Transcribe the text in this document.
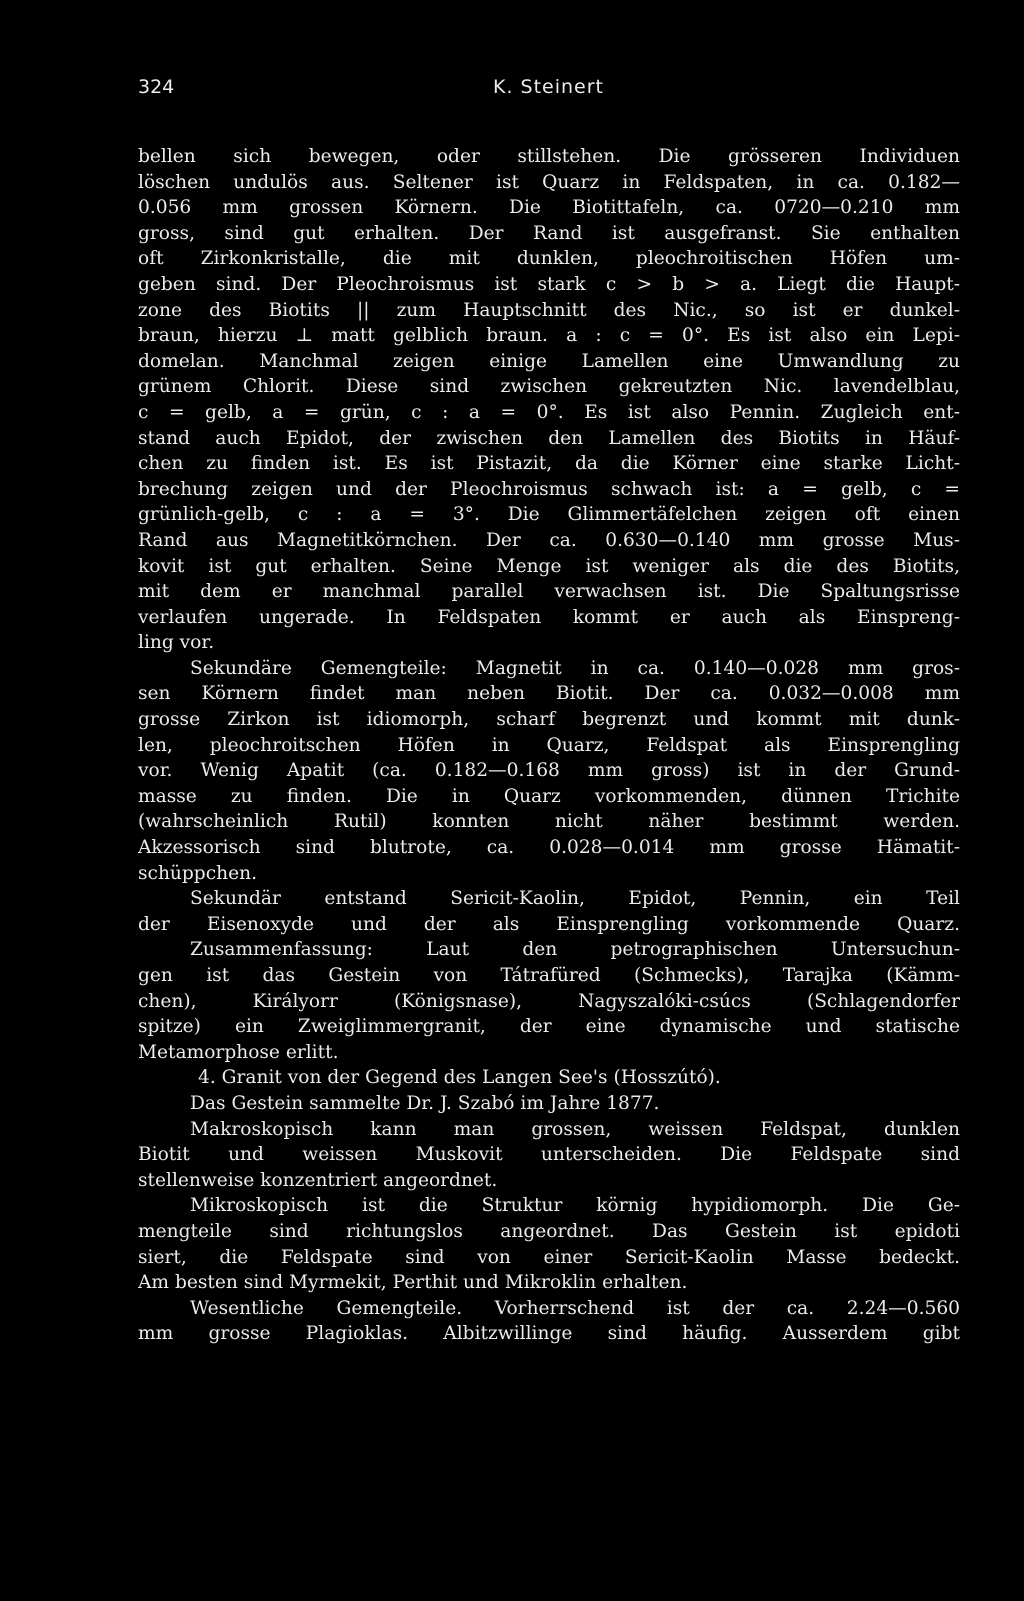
324	K. Steinert
bellen sich bewegen, oder stillstehen. Die grösseren Individuen
löschen undulös aus. Seltener ist Quarz in Feldspaten, in ca. 0.182—
0.056 mm grossen Körnern. Die Biotittafeln, ca. 0720—0.210 mm
gross, sind gut erhalten. Der Rand ist ausgefranst. Sie enthalten
oft Zirkonkristalle, die mit dunklen, pleochroitischen Höfen um-
geben sind. Der Pleochroismus ist stark c > b > a. Liegt die Haupt-
zone des Biotits || zum Hauptschnitt des Nic., so ist er dunkel-
braun, hierzu ⊥ matt gelblich braun. a : c = 0°. Es ist also ein Lepi-
domelan. Manchmal zeigen einige Lamellen eine Umwandlung zu
grünem Chlorit. Diese sind zwischen gekreutzten Nic. lavendelblau,
c = gelb, a = grün, c : a = 0°. Es ist also Pennin. Zugleich ent-
stand auch Epidot, der zwischen den Lamellen des Biotits in Häuf-
chen zu finden ist. Es ist Pistazit, da die Körner eine starke Licht-
brechung zeigen und der Pleochroismus schwach ist: a = gelb, c =
grünlich-gelb, c : a = 3°. Die Glimmertäfelchen zeigen oft einen
Rand aus Magnetitkörnchen. Der ca. 0.630—0.140 mm grosse Mus-
kovit ist gut erhalten. Seine Menge ist weniger als die des Biotits,
mit dem er manchmal parallel verwachsen ist. Die Spaltungsrisse
verlaufen ungerade. In Feldspaten kommt er auch als Einspreng-
ling vor.
Sekundäre Gemengteile: Magnetit in ca. 0.140—0.028 mm gros-
sen Körnern findet man neben Biotit. Der ca. 0.032—0.008 mm
grosse Zirkon ist idiomorph, scharf begrenzt und kommt mit dunk-
len, pleochroitschen Höfen in Quarz, Feldspat als Einsprengling
vor. Wenig Apatit (ca. 0.182—0.168 mm gross) ist in der Grund-
masse zu finden. Die in Quarz vorkommenden, dünnen Trichite
(wahrscheinlich Rutil) konnten nicht näher bestimmt werden.
Akzessorisch sind blutrote, ca. 0.028—0.014 mm grosse Hämatit-
schüppchen.
Sekundär entstand Sericit-Kaolin, Epidot, Pennin, ein Teil
der Eisenoxyde und der als Einsprengling vorkommende Quarz.
Zusammenfassung: Laut den petrographischen Untersuchun-
gen ist das Gestein von Tátrafüred (Schmecks), Tarajka (Kämm-
chen), Királyorr (Königsnase), Nagyszalóki-csúcs (Schlagendorfer
spitze) ein Zweiglimmergranit, der eine dynamische und statische
Metamorphose erlitt.
4. Granit von der Gegend des Langen See's (Hosszútó).
Das Gestein sammelte Dr. J. Szabó im Jahre 1877.
Makroskopisch kann man grossen, weissen Feldspat, dunklen
Biotit und weissen Muskovit unterscheiden. Die Feldspate sind
stellenweise konzentriert angeordnet.
Mikroskopisch ist die Struktur körnig hypidiomorph. Die Ge-
mengteile sind richtungslos angeordnet. Das Gestein ist epidoti
siert, die Feldspate sind von einer Sericit-Kaolin Masse bedeckt.
Am besten sind Myrmekit, Perthit und Mikroklin erhalten.
Wesentliche Gemengteile. Vorherrschend ist der ca. 2.24—0.560
mm grosse Plagioklas. Albitzwillinge sind häufig. Ausserdem gibt
